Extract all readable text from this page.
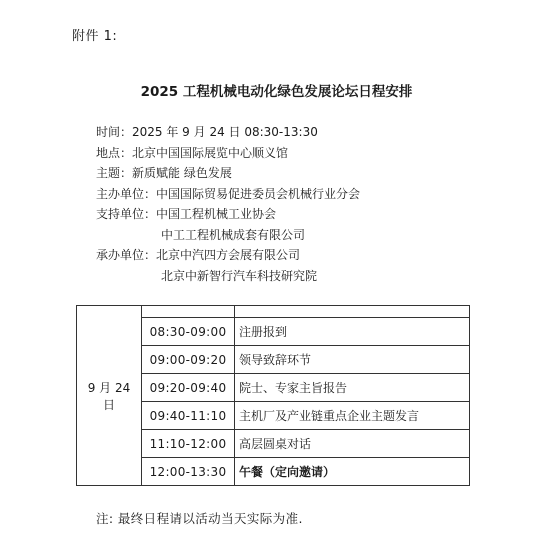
附件 1:
2025 工程机械电动化绿色发展论坛日程安排
时间：2025 年 9 月 24 日 08:30-13:30
地点：北京中国国际展览中心顺义馆
主题：新质赋能 绿色发展
主办单位：中国国际贸易促进委员会机械行业分会
支持单位：中国工程机械工业协会
中工工程机械成套有限公司
承办单位：北京中汽四方会展有限公司
北京中新智行汽车科技研究院
9 月 24 日		
	08:30-09:00	注册报到
	09:00-09:20	领导致辞环节
	09:20-09:40	院士、专家主旨报告
	09:40-11:10	主机厂及产业链重点企业主题发言
	11:10-12:00	高层圆桌对话
	12:00-13:30	午餐（定向邀请）
注: 最终日程请以活动当天实际为准.
